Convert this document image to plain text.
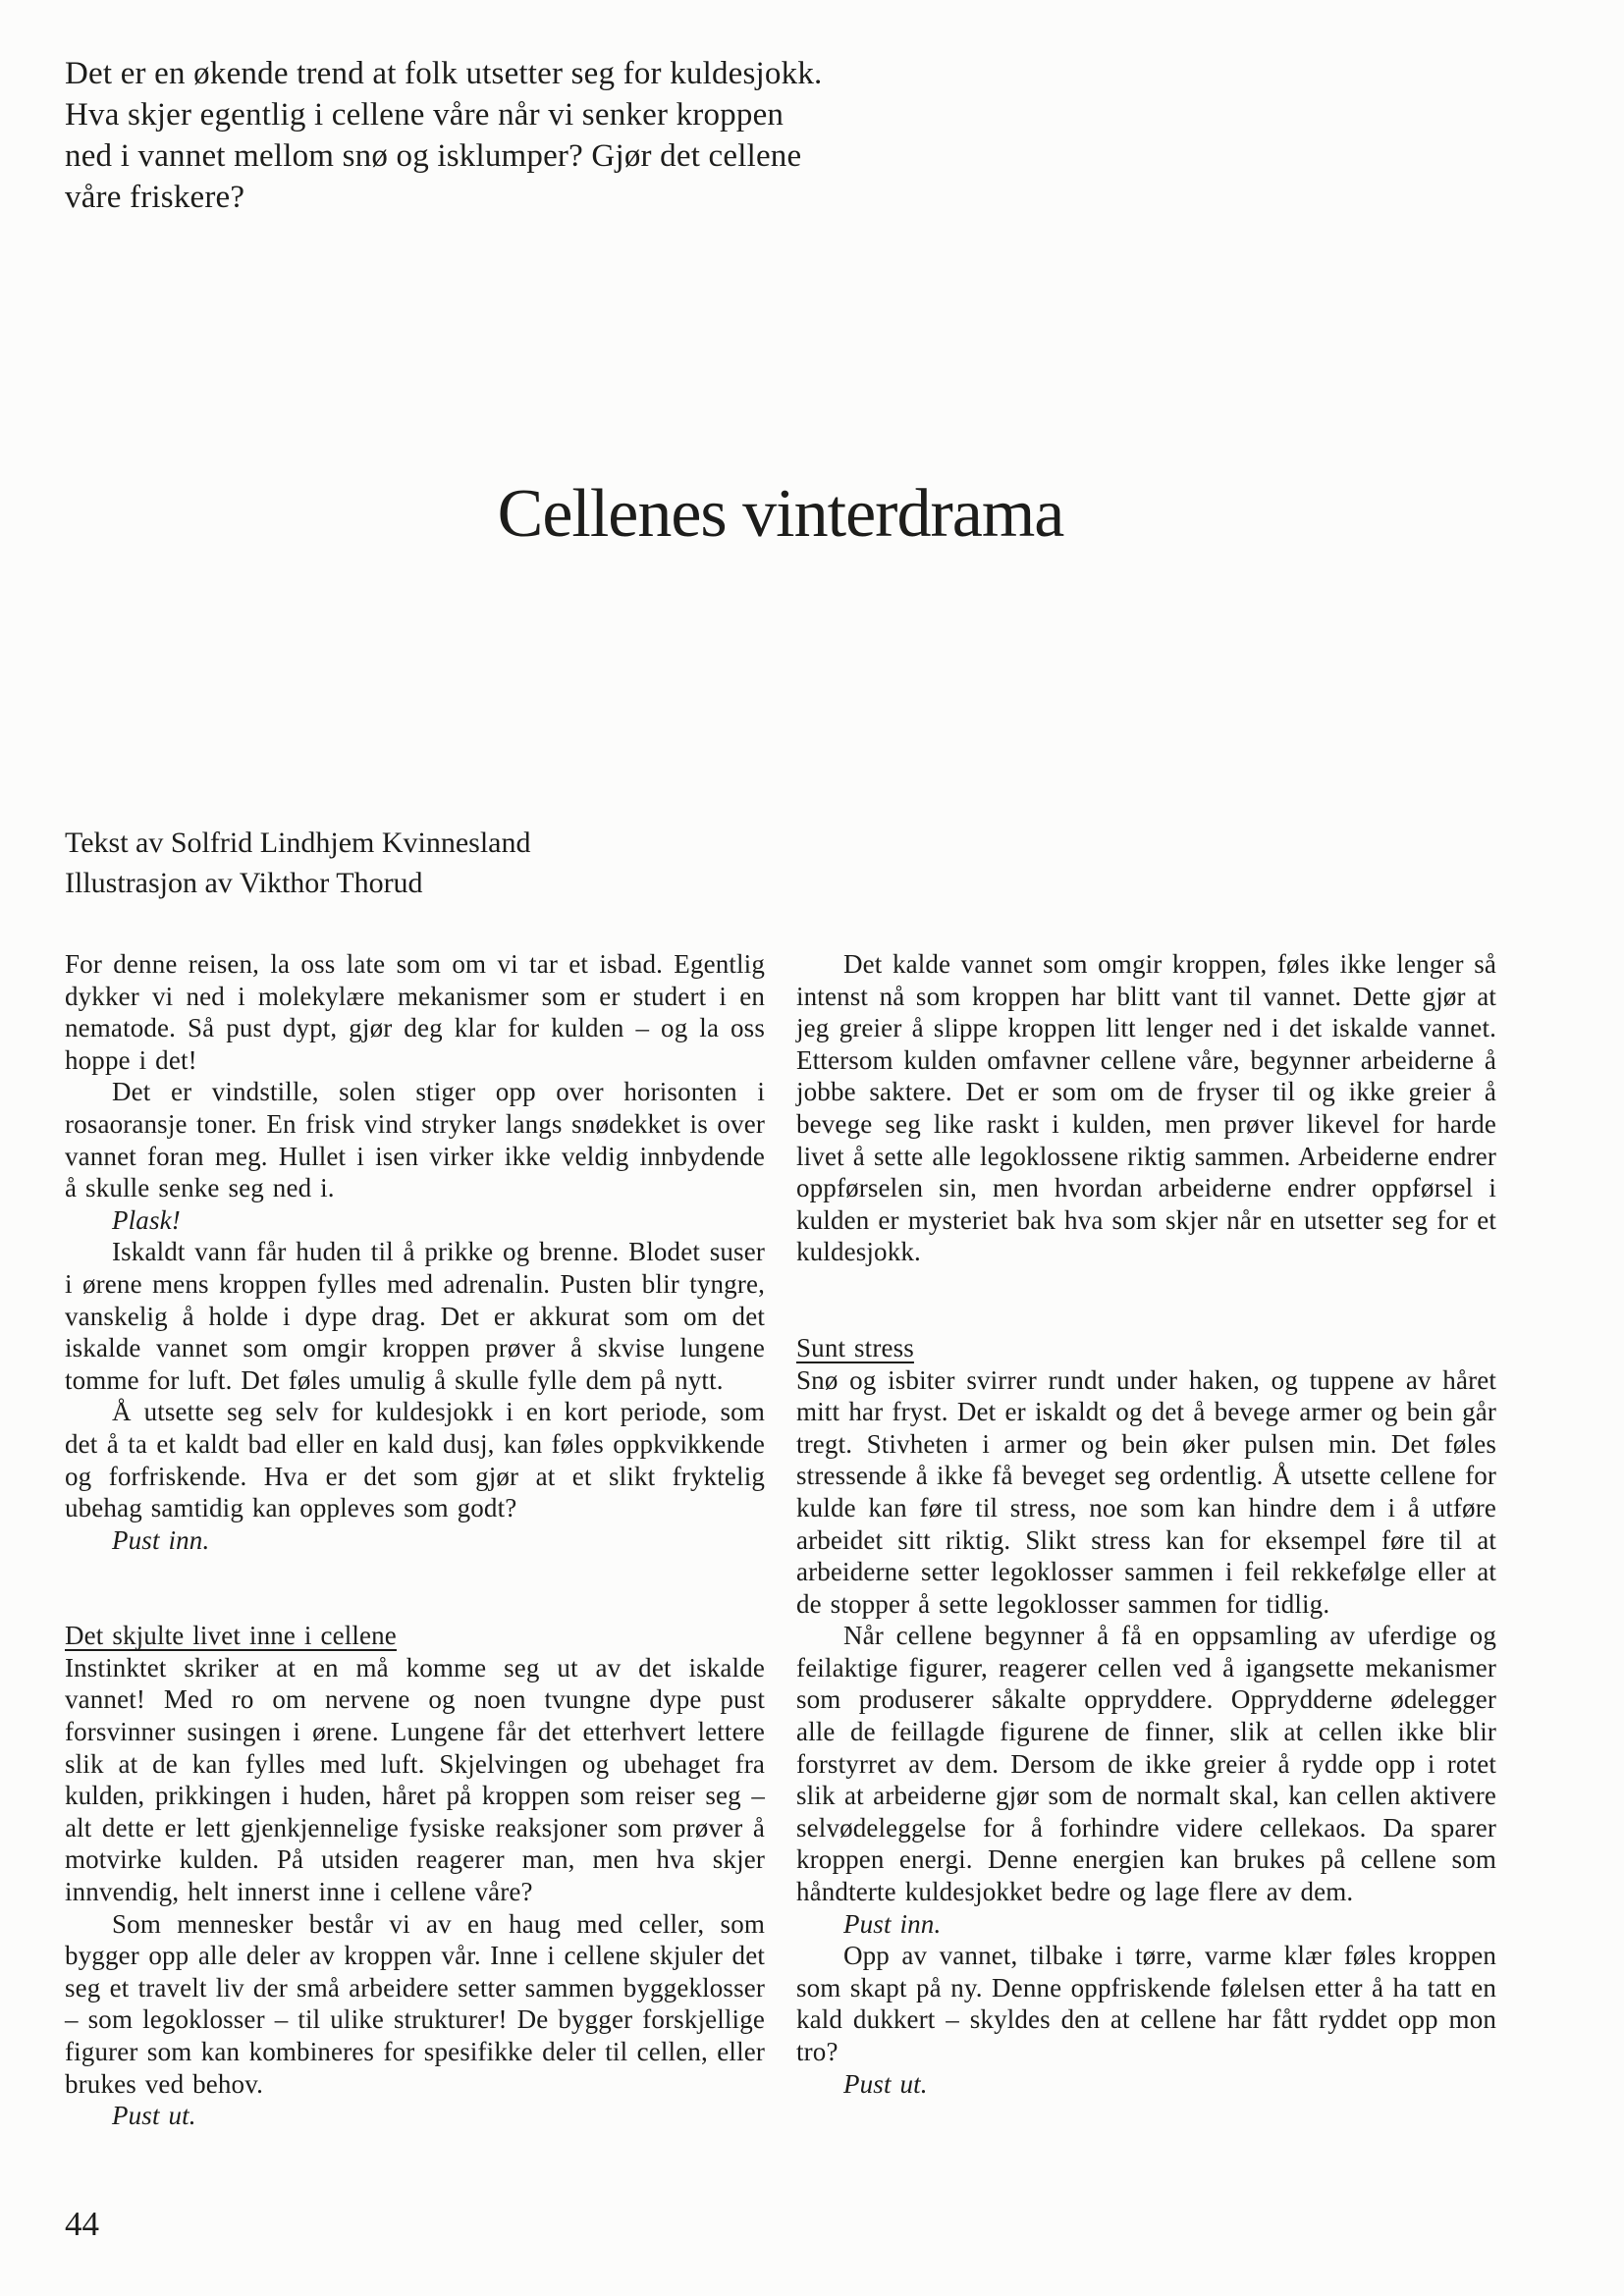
Det er en økende trend at folk utsetter seg for kuldesjokk.
Hva skjer egentlig i cellene våre når vi senker kroppen
ned i vannet mellom snø og isklumper? Gjør det cellene
våre friskere?
Cellenes vinterdrama
Tekst av Solfrid Lindhjem Kvinnesland
Illustrasjon av Vikthor Thorud

For denne reisen, la oss late som om vi tar et isbad. Egentlig dykker vi ned i molekylære mekanismer som er studert i en nematode. Så pust dypt, gjør deg klar for kulden – og la oss hoppe i det!

Det er vindstille, solen stiger opp over horisonten i rosaoransje toner. En frisk vind stryker langs snødekket is over vannet foran meg. Hullet i isen virker ikke veldig innbydende å skulle senke seg ned i.

Plask!

Iskaldt vann får huden til å prikke og brenne. Blodet suser i ørene mens kroppen fylles med adrenalin. Pusten blir tyngre, vanskelig å holde i dype drag. Det er akkurat som om det iskalde vannet som omgir kroppen prøver å skvise lungene tomme for luft. Det føles umulig å skulle fylle dem på nytt.

Å utsette seg selv for kuldesjokk i en kort periode, som det å ta et kaldt bad eller en kald dusj, kan føles oppkvikkende og forfriskende. Hva er det som gjør at et slikt fryktelig ubehag samtidig kan oppleves som godt?

Pust inn.

Det skjulte livet inne i cellene

Instinktet skriker at en må komme seg ut av det iskalde vannet! Med ro om nervene og noen tvungne dype pust forsvinner susingen i ørene. Lungene får det etterhvert lettere slik at de kan fylles med luft. Skjelvingen og ubehaget fra kulden, prikkingen i huden, håret på kroppen som reiser seg – alt dette er lett gjenkjennelige fysiske reaksjoner som prøver å motvirke kulden. På utsiden reagerer man, men hva skjer innvendig, helt innerst inne i cellene våre?

Som mennesker består vi av en haug med celler, som bygger opp alle deler av kroppen vår. Inne i cellene skjuler det seg et travelt liv der små arbeidere setter sammen byggeklosser – som legoklosser – til ulike strukturer! De bygger forskjellige figurer som kan kombineres for spesifikke deler til cellen, eller brukes ved behov.

Pust ut.

Det kalde vannet som omgir kroppen, føles ikke lenger så intenst nå som kroppen har blitt vant til vannet. Dette gjør at jeg greier å slippe kroppen litt lenger ned i det iskalde vannet. Ettersom kulden omfavner cellene våre, begynner arbeiderne å jobbe saktere. Det er som om de fryser til og ikke greier å bevege seg like raskt i kulden, men prøver likevel for harde livet å sette alle legoklossene riktig sammen. Arbeiderne endrer oppførselen sin, men hvordan arbeiderne endrer oppførsel i kulden er mysteriet bak hva som skjer når en utsetter seg for et kuldesjokk.

Sunt stress

Snø og isbiter svirrer rundt under haken, og tuppene av håret mitt har fryst. Det er iskaldt og det å bevege armer og bein går tregt. Stivheten i armer og bein øker pulsen min. Det føles stressende å ikke få beveget seg ordentlig. Å utsette cellene for kulde kan føre til stress, noe som kan hindre dem i å utføre arbeidet sitt riktig. Slikt stress kan for eksempel føre til at arbeiderne setter legoklosser sammen i feil rekkefølge eller at de stopper å sette legoklosser sammen for tidlig.

Når cellene begynner å få en oppsamling av uferdige og feilaktige figurer, reagerer cellen ved å igangsette mekanismer som produserer såkalte oppryddere. Opprydderne ødelegger alle de feillagde figurene de finner, slik at cellen ikke blir forstyrret av dem. Dersom de ikke greier å rydde opp i rotet slik at arbeiderne gjør som de normalt skal, kan cellen aktivere selvødeleggelse for å forhindre videre cellekaos. Da sparer kroppen energi. Denne energien kan brukes på cellene som håndterte kuldesjokket bedre og lage flere av dem.

Pust inn.

Opp av vannet, tilbake i tørre, varme klær føles kroppen som skapt på ny. Denne oppfriskende følelsen etter å ha tatt en kald dukkert – skyldes den at cellene har fått ryddet opp mon tro?

Pust ut.

44
